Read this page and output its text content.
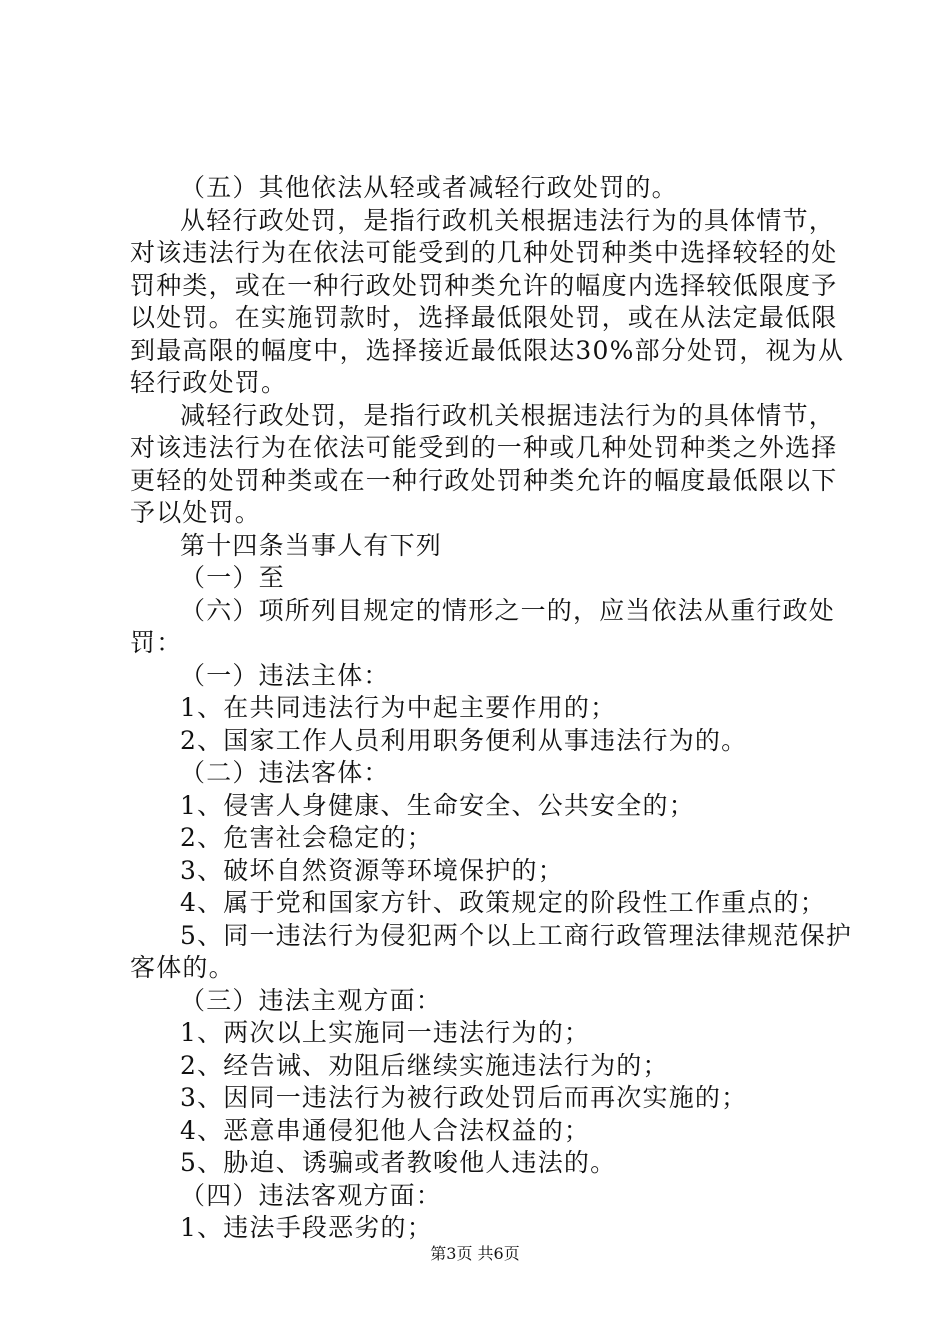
（五）其他依法从轻或者减轻行政处罚的。
从轻行政处罚，是指行政机关根据违法行为的具体情节，
对该违法行为在依法可能受到的几种处罚种类中选择较轻的处
罚种类，或在一种行政处罚种类允许的幅度内选择较低限度予
以处罚。在实施罚款时，选择最低限处罚，或在从法定最低限
到最高限的幅度中，选择接近最低限达30%部分处罚，视为从
轻行政处罚。
减轻行政处罚，是指行政机关根据违法行为的具体情节，
对该违法行为在依法可能受到的一种或几种处罚种类之外选择
更轻的处罚种类或在一种行政处罚种类允许的幅度最低限以下
予以处罚。
第十四条当事人有下列
（一）至
（六）项所列目规定的情形之一的，应当依法从重行政处
罚：
（一）违法主体：
1、在共同违法行为中起主要作用的；
2、国家工作人员利用职务便利从事违法行为的。
（二）违法客体：
1、侵害人身健康、生命安全、公共安全的；
2、危害社会稳定的；
3、破坏自然资源等环境保护的；
4、属于党和国家方针、政策规定的阶段性工作重点的；
5、同一违法行为侵犯两个以上工商行政管理法律规范保护
客体的。
（三）违法主观方面：
1、两次以上实施同一违法行为的；
2、经告诫、劝阻后继续实施违法行为的；
3、因同一违法行为被行政处罚后而再次实施的；
4、恶意串通侵犯他人合法权益的；
5、胁迫、诱骗或者教唆他人违法的。
（四）违法客观方面：
1、违法手段恶劣的；
第3页 共6页
